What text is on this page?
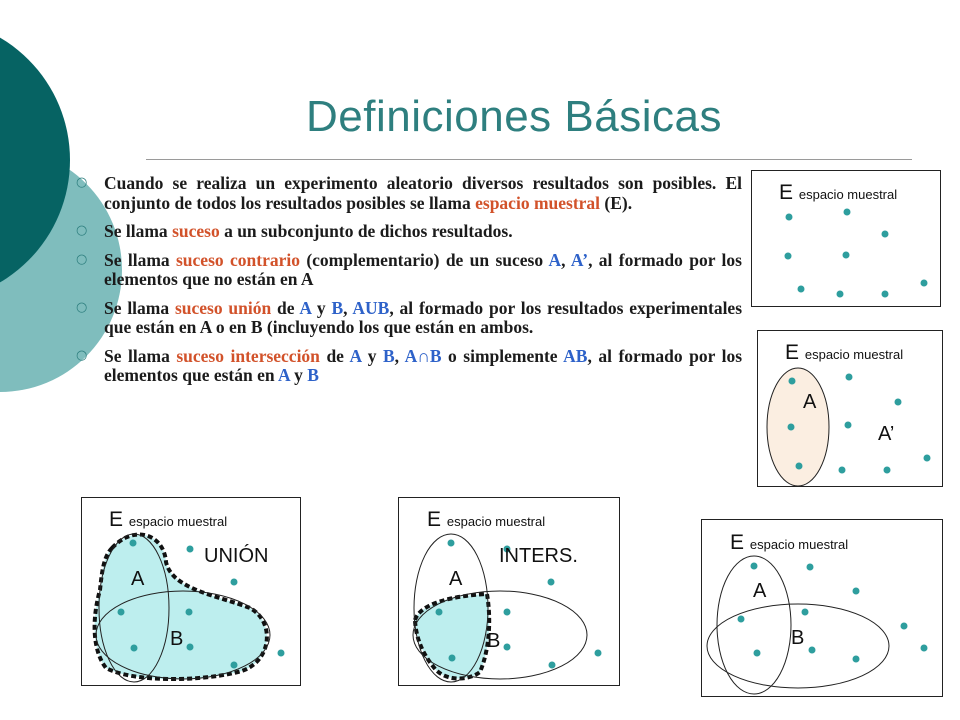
Definiciones Básicas
○ Cuando se realiza un experimento aleatorio diversos resultados son posibles. El conjunto de todos los resultados posibles se llama espacio muestral (E).
○ Se llama suceso a un subconjunto de dichos resultados.
○ Se llama suceso contrario (complementario) de un suceso A, A’, al formado por los elementos que no están en A
○ Se llama suceso unión de A y B, AUB, al formado por los resultados experimentales que están en A o en B (incluyendo los que están en ambos.
○ Se llama suceso intersección de A y B, A∩B o simplemente AB, al formado por los elementos que están en A y B
E espacio muestral
E espacio muestral
A
A’
E espacio muestral
UNIÓN
A
B
E espacio muestral
INTERS.
A
B
E espacio muestral
A
B
